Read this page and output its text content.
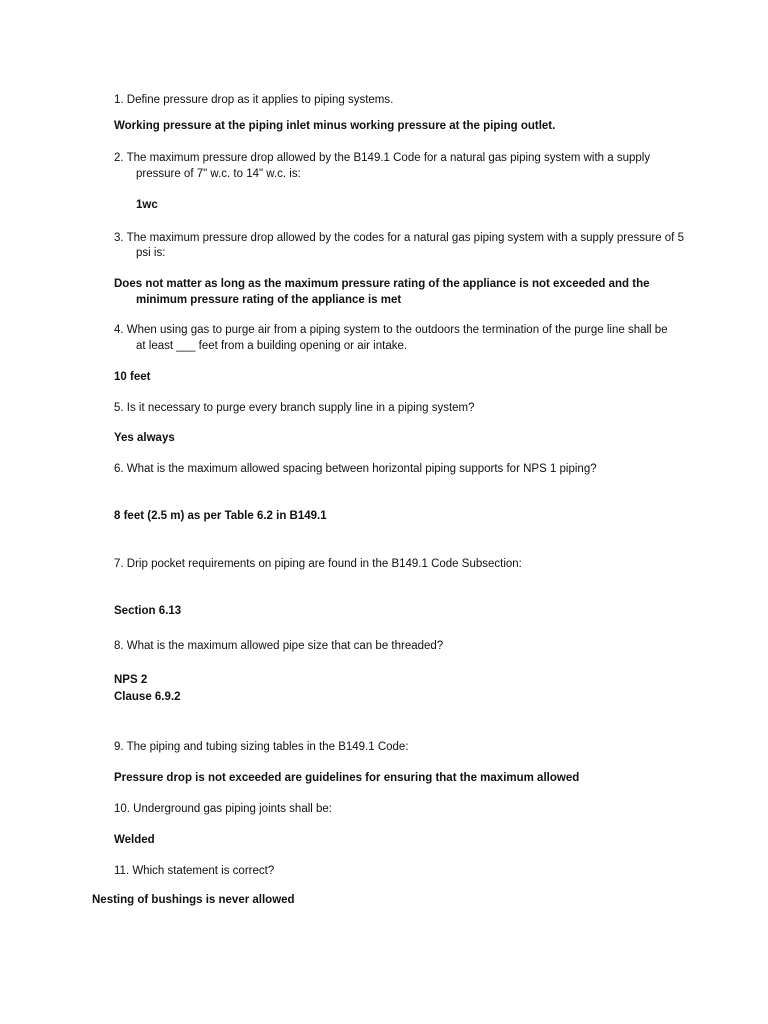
1. Define pressure drop as it applies to piping systems.

Working pressure at the piping inlet minus working pressure at the piping outlet.

2. The maximum pressure drop allowed by the B149.1 Code for a natural gas piping system with a supply

pressure of 7" w.c. to 14" w.c. is:

1wc

3. The maximum pressure drop allowed by the codes for a natural gas piping system with a supply pressure of 5

psi is:

Does not matter as long as the maximum pressure rating of the appliance is not exceeded and the

minimum pressure rating of the appliance is met

4. When using gas to purge air from a piping system to the outdoors the termination of the purge line shall be

at least ___ feet from a building opening or air intake.

10 feet

5. Is it necessary to purge every branch supply line in a piping system?

Yes always

6. What is the maximum allowed spacing between horizontal piping supports for NPS 1 piping?

8 feet (2.5 m) as per Table 6.2 in B149.1

7. Drip pocket requirements on piping are found in the B149.1 Code Subsection:

Section 6.13

8. What is the maximum allowed pipe size that can be threaded?

NPS 2

Clause 6.9.2

9. The piping and tubing sizing tables in the B149.1 Code:

Pressure drop is not exceeded are guidelines for ensuring that the maximum allowed

10. Underground gas piping joints shall be:

Welded

11. Which statement is correct?

Nesting of bushings is never allowed
